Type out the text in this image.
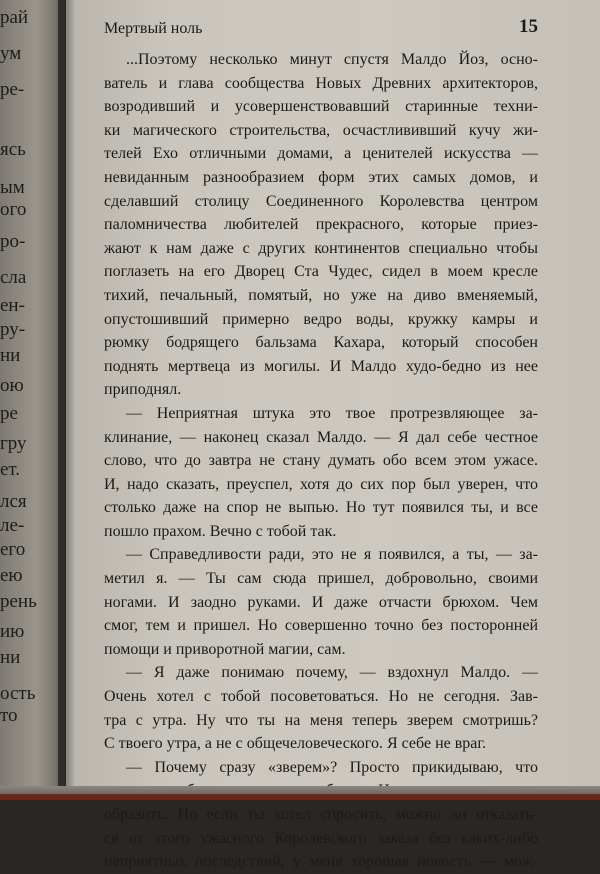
рай
ум
ре-
ясь
ым
ого
ро-
сла
ен-
ру-
ни
ою
ре
гру
ет.
лся
ле-
его
ею
рень
ию
ни
ость
то
Мертвый ноль	15
...Поэтому несколько минут спустя Малдо Йоз, осно-
ватель и глава сообщества Новых Древних архитекторов,
возродивший и усовершенствовавший старинные техни-
ки магического строительства, осчастлививший кучу жи-
телей Ехо отличными домами, а ценителей искусства —
невиданным разнообразием форм этих самых домов, и
сделавший столицу Соединенного Королевства центром
паломничества любителей прекрасного, которые приез-
жают к нам даже с других континентов специально чтобы
поглазеть на его Дворец Ста Чудес, сидел в моем кресле
тихий, печальный, помятый, но уже на диво вменяемый,
опустошивший примерно ведро воды, кружку камры и
рюмку бодрящего бальзама Кахара, который способен
поднять мертвеца из могилы. И Малдо худо-бедно из нее
приподнял.
— Неприятная штука это твое протрезвляющее за-
клинание, — наконец сказал Малдо. — Я дал себе честное
слово, что до завтра не стану думать обо всем этом ужасе.
И, надо сказать, преуспел, хотя до сих пор был уверен, что
столько даже на спор не выпью. Но тут появился ты, и все
пошло прахом. Вечно с тобой так.
— Справедливости ради, это не я появился, а ты, — за-
метил я. — Ты сам сюда пришел, добровольно, своими
ногами. И заодно руками. И даже отчасти брюхом. Чем
смог, тем и пришел. Но совершенно точно без посторонней
помощи и приворотной магии, сам.
— Я даже понимаю почему, — вздохнул Малдо. —
Очень хотел с тобой посоветоваться. Но не сегодня. Зав-
тра с утра. Ну что ты на меня теперь зверем смотришь?
С твоего утра, а не с общечеловеческого. Я себе не враг.
— Почему сразу «зверем»? Просто прикидываю, что
образить. Но если ты хотел спросить, можно ли отказать-
ся от этого ужасного Королевского заказа без каких-либо
неприятных последствий, у меня хорошая новость — мож-
